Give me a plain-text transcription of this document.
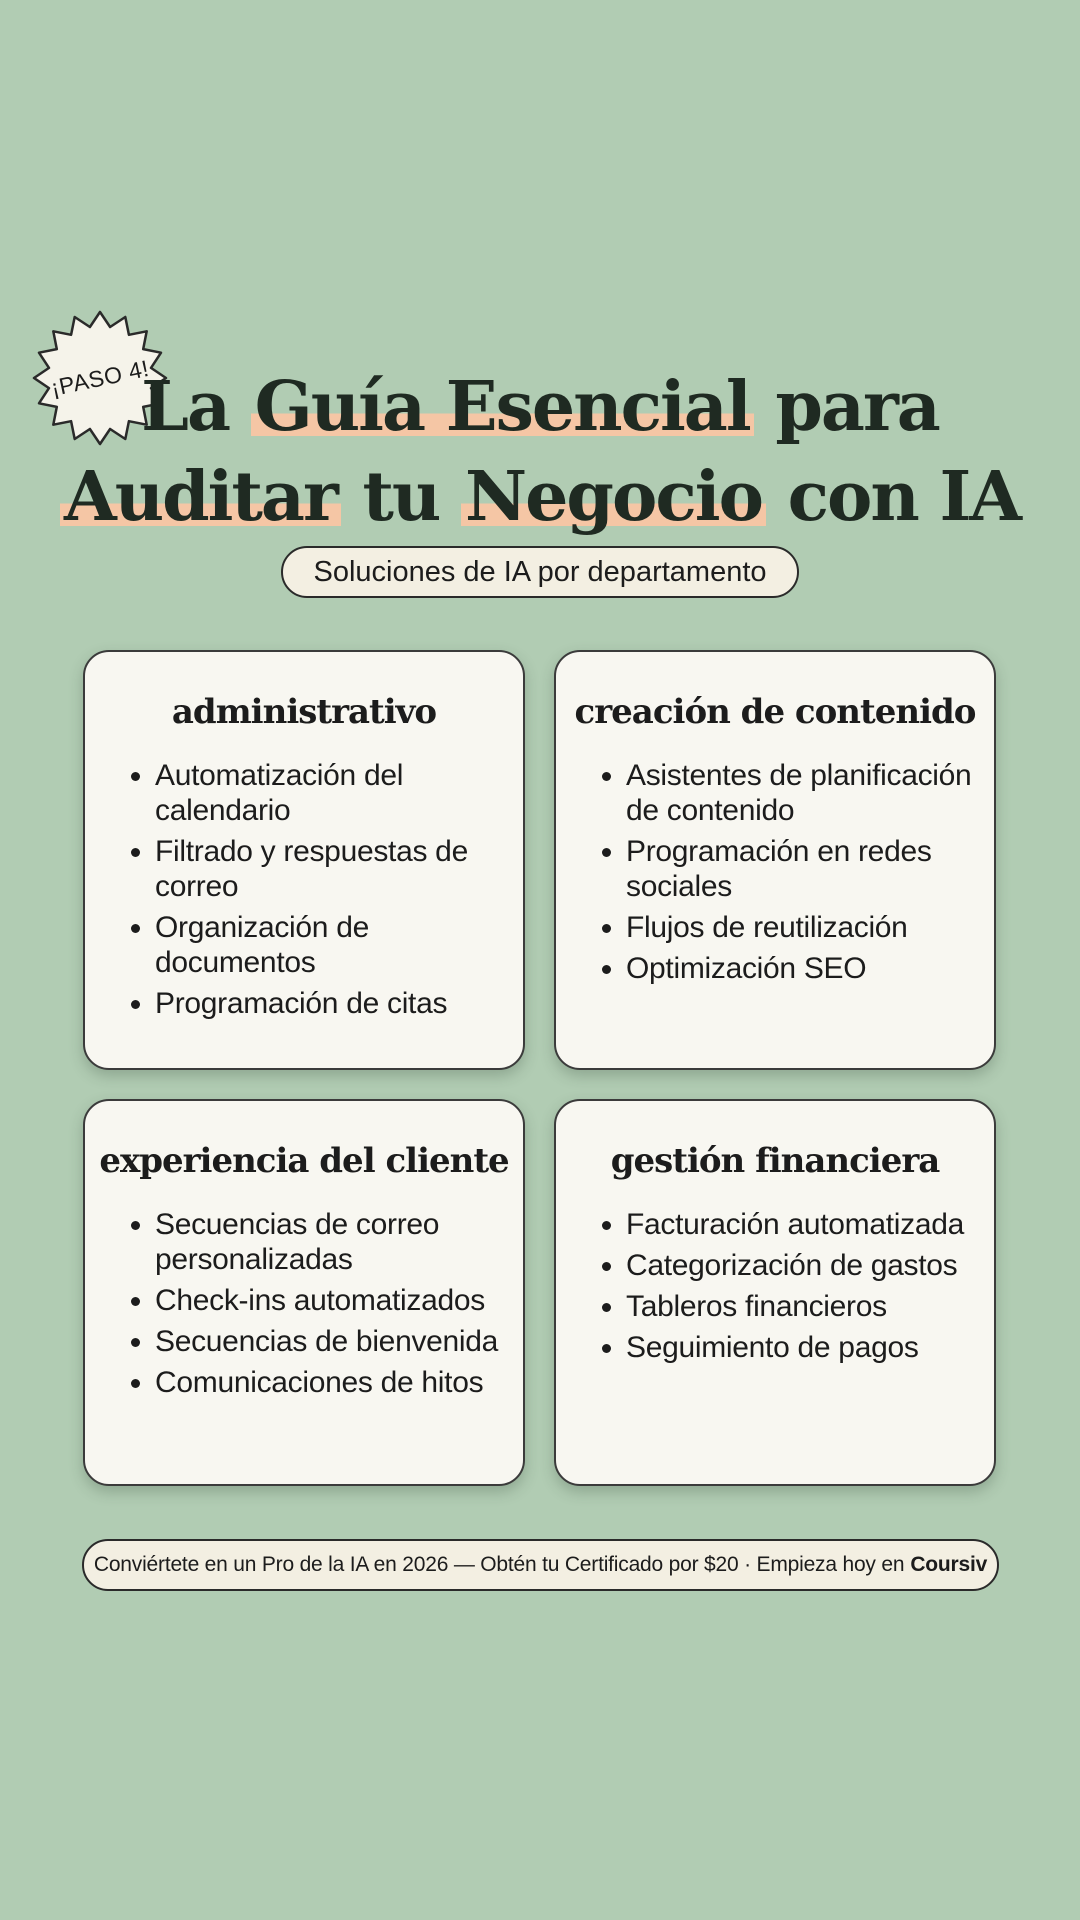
¡PASO 4!
La Guía Esencial para
Auditar tu Negocio con IA
Soluciones de IA por departamento
administrativo
Automatización del calendario
Filtrado y respuestas de correo
Organización de documentos
Programación de citas
creación de contenido
Asistentes de planificación de contenido
Programación en redes sociales
Flujos de reutilización
Optimización SEO
experiencia del cliente
Secuencias de correo personalizadas
Check-ins automatizados
Secuencias de bienvenida
Comunicaciones de hitos
gestión financiera
Facturación automatizada
Categorización de gastos
Tableros financieros
Seguimiento de pagos
Conviértete en un Pro de la IA en 2026 — Obtén tu Certificado por $20 · Empieza hoy en Coursiv
